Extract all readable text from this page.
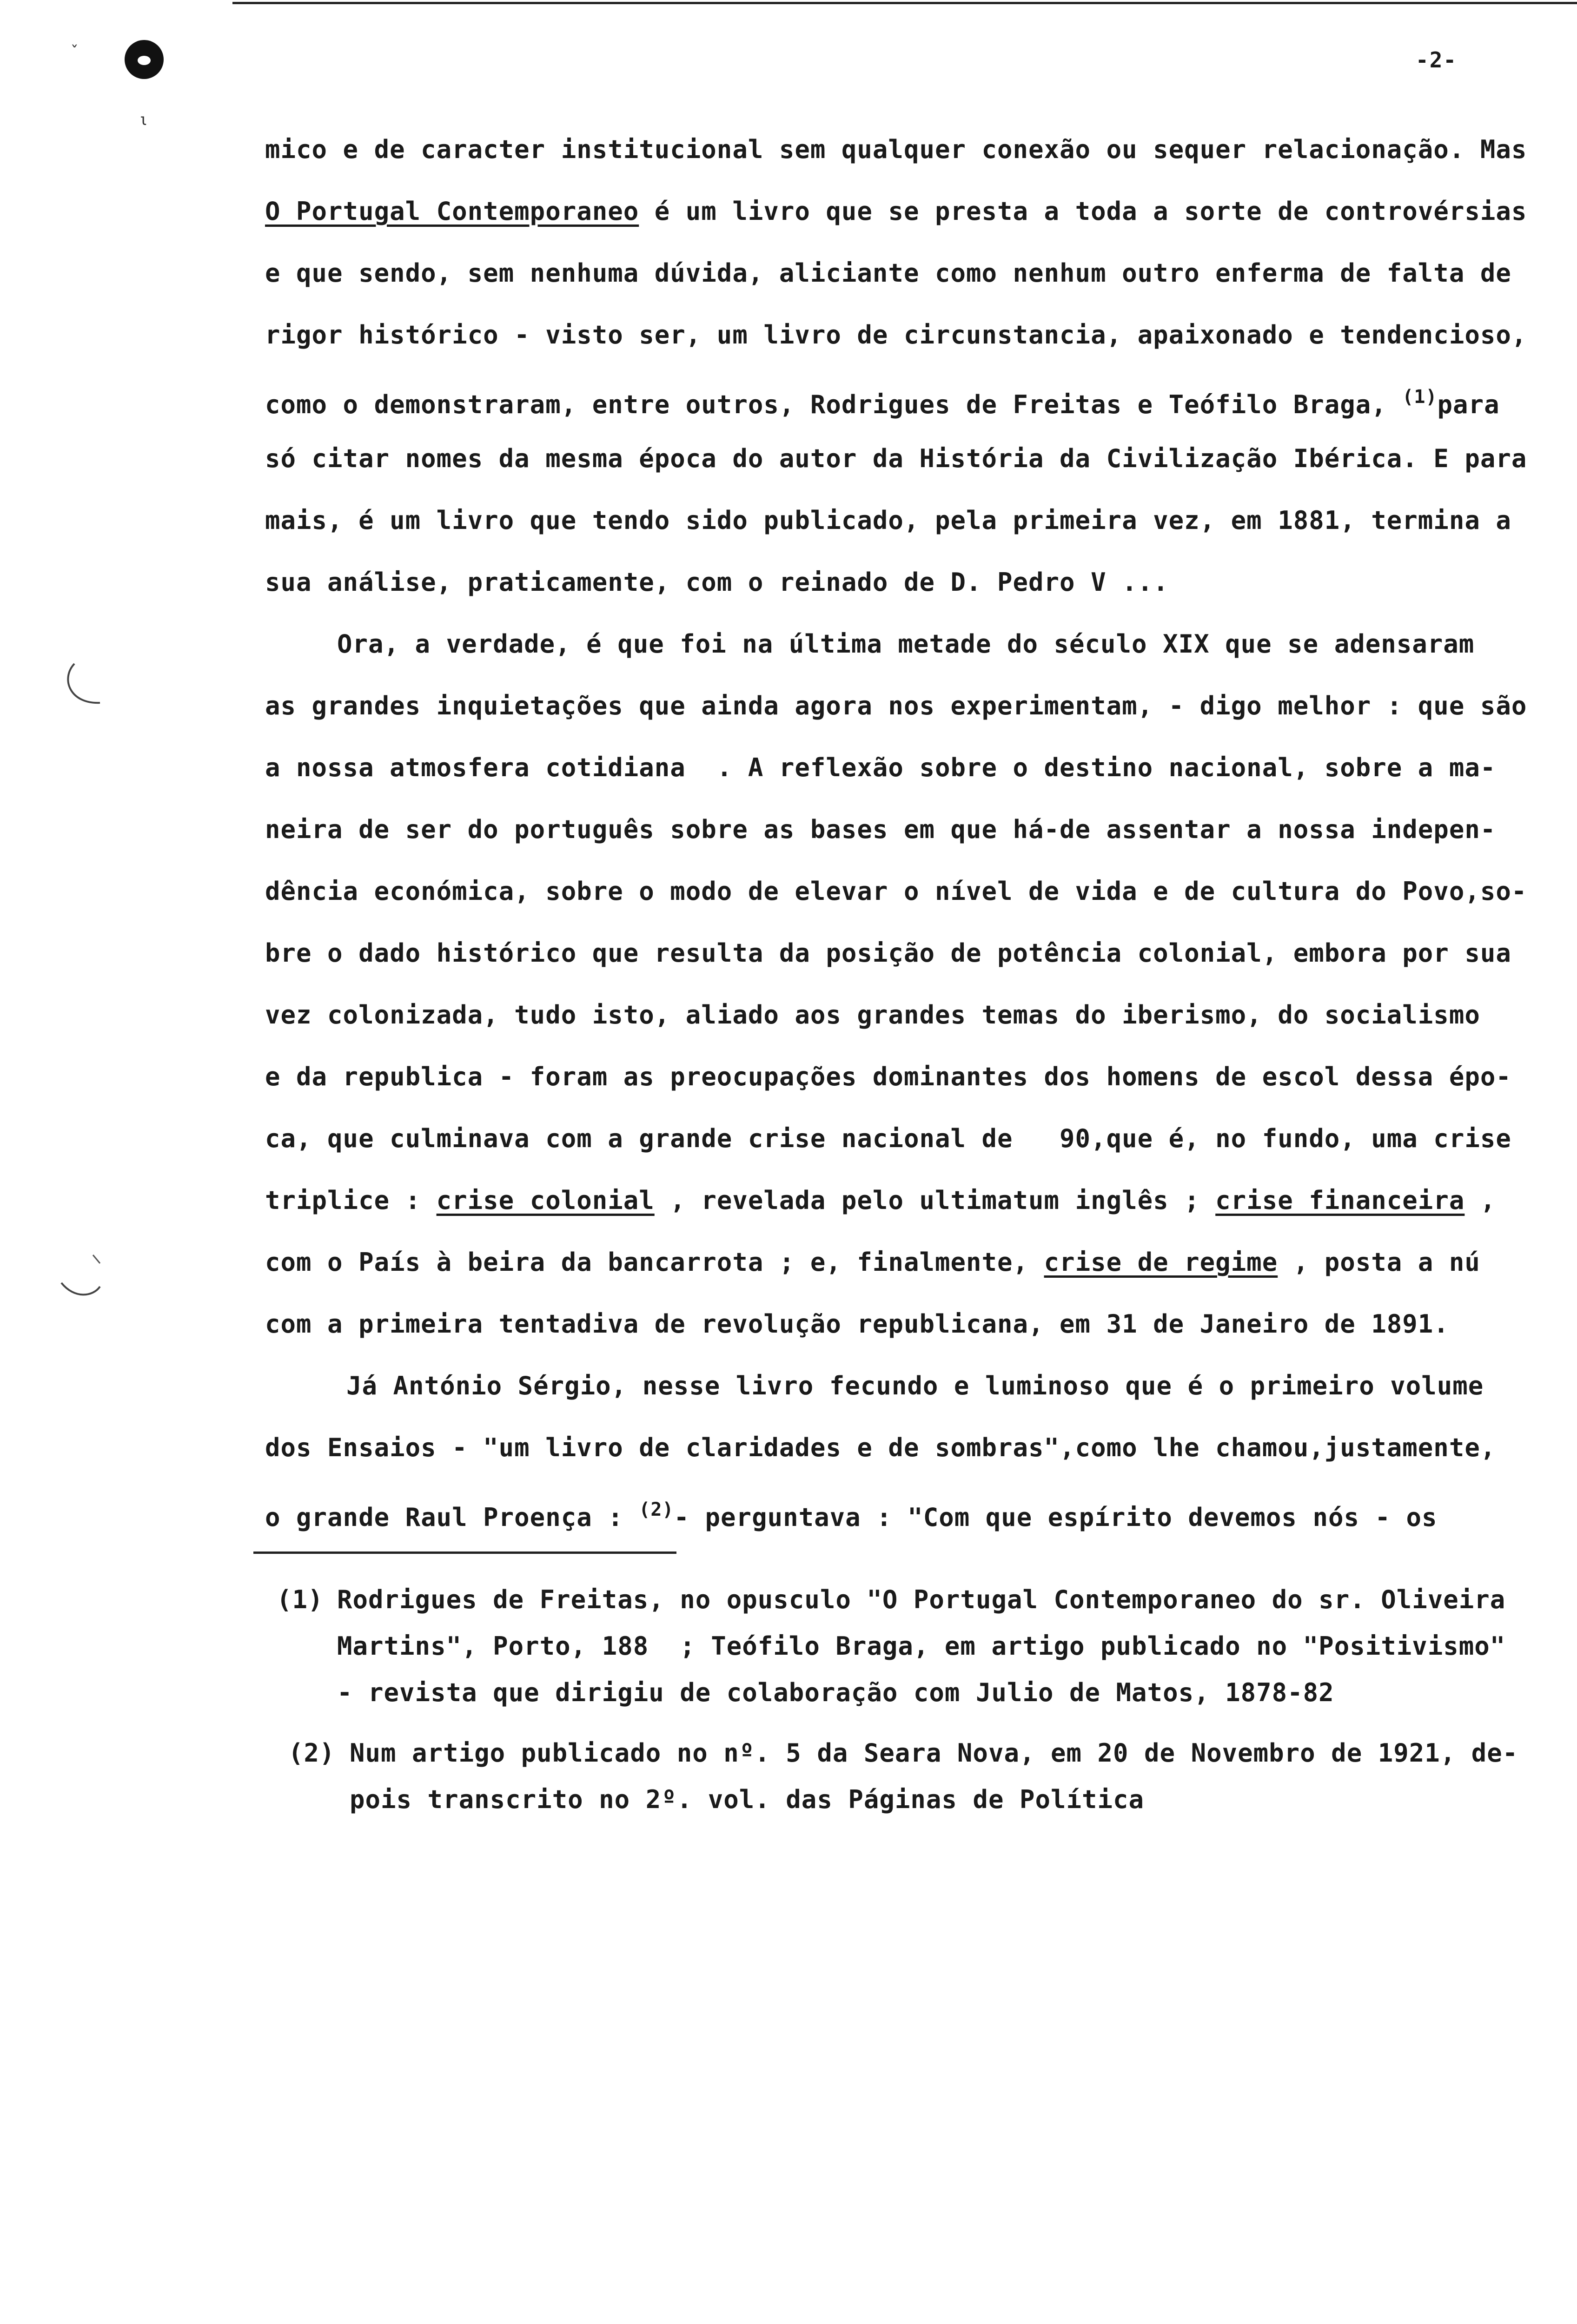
ˇ
ι
-2-
mico e de caracter institucional sem qualquer conexão ou sequer relacionação. Mas
O Portugal Contemporaneo é um livro que se presta a toda a sorte de controvérsias
e que sendo, sem nenhuma dúvida, aliciante como nenhum outro enferma de falta de
rigor histórico - visto ser, um livro de circunstancia, apaixonado e tendencioso,
como o demonstraram, entre outros, Rodrigues de Freitas e Teófilo Braga, $^{(1)}$para
só citar nomes da mesma época do autor da História da Civilização Ibérica. E para
mais, é um livro que tendo sido publicado, pela primeira vez, em 1881, termina a
sua análise, praticamente, com o reinado de D. Pedro V ...
Ora, a verdade, é que foi na última metade do século XIX que se adensaram
as grandes inquietações que ainda agora nos experimentam, - digo melhor : que são
a nossa atmosfera cotidiana  . A reflexão sobre o destino nacional, sobre a ma-
neira de ser do português sobre as bases em que há-de assentar a nossa indepen-
dência económica, sobre o modo de elevar o nível de vida e de cultura do Povo,so-
bre o dado histórico que resulta da posição de potência colonial, embora por sua
vez colonizada, tudo isto, aliado aos grandes temas do iberismo, do socialismo
e da republica - foram as preocupações dominantes dos homens de escol dessa épo-
ca, que culminava com a grande crise nacional de   90,que é, no fundo, uma crise
triplice : crise colonial , revelada pelo ultimatum inglês ; crise financeira ,
com o País à beira da bancarrota ; e, finalmente, crise de regime , posta a nú
com a primeira tentadiva de revolução republicana, em 31 de Janeiro de 1891.
Já António Sérgio, nesse livro fecundo e luminoso que é o primeiro volume
dos Ensaios - "um livro de claridades e de sombras",como lhe chamou,justamente,
o grande Raul Proença : $^{(2)}$- perguntava : "Com que espírito devemos nós - os
(1) Rodrigues de Freitas, no opusculo "O Portugal Contemporaneo do sr. Oliveira
Martins", Porto, 188  ; Teófilo Braga, em artigo publicado no "Positivismo"
- revista que dirigiu de colaboração com Julio de Matos, 1878-82
(2) Num artigo publicado no nº. 5 da Seara Nova, em 20 de Novembro de 1921, de-
pois transcrito no 2º. vol. das Páginas de Política
